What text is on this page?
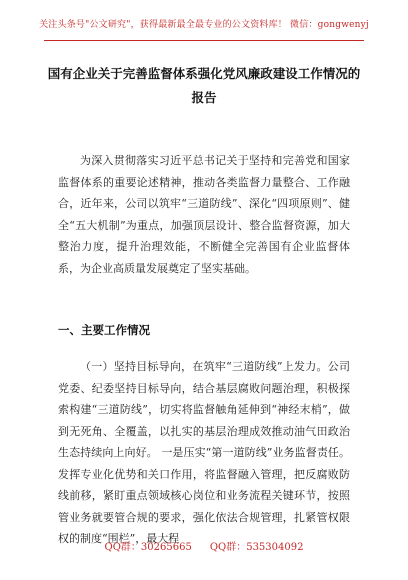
关注头条号"公文研究"，获得最新最全最专业的公文资料库！ 微信：gongwenyj
国有企业关于完善监督体系强化党风廉政建设工作情况的报告
为深入贯彻落实习近平总书记关于坚持和完善党和国家监督体系的重要论述精神，推动各类监督力量整合、工作融合，近年来，公司以筑牢“三道防线”、深化“四项原则”、健全“五大机制”为重点，加强顶层设计、整合监督资源，加大整治力度，提升治理效能，不断健全完善国有企业监督体系，为企业高质量发展奠定了坚实基础。
一、主要工作情况
（一）坚持目标导向，在筑牢“三道防线”上发力。公司党委、纪委坚持目标导向，结合基层腐败问题治理，积极探索构建“三道防线”，切实将监督触角延伸到“神经末梢”，做到无死角、全覆盖，以扎实的基层治理成效推动油气田政治生态持续向上向好。 一是压实“第一道防线”业务监督责任。发挥专业化优势和关口作用，将监督融入管理，把反腐败防线前移，紧盯重点领域核心岗位和业务流程关键环节，按照管业务就要管合规的要求，强化依法合规管理，扎紧管权限权的制度“围栏”，最大程
QQ群：30265665 QQ群：535304092
